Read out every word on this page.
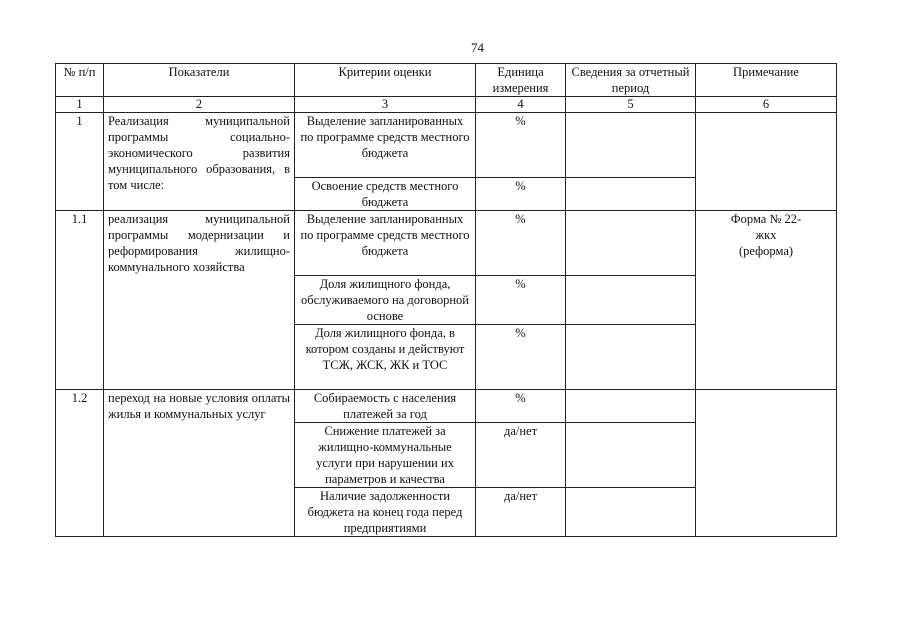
74
№ п/п	Показатели	Критерии оценки	Единица измерения	Сведения за отчетный период	Примечание
1	2	3	4	5	6
1	Реализация муниципальной программы социально-экономического развития муниципального образования, в том числе:	Выделение запланированных по программе средств местного бюджета	%		
		Освоение средств местного бюджета	%		
1.1	реализация муниципальной программы модернизации и реформирования жилищно-коммунального хозяйства	Выделение запланированных по программе средств местного бюджета	%		Форма № 22-жкх (реформа)
		Доля жилищного фонда, обслуживаемого на договорной основе	%		
		Доля жилищного фонда, в котором созданы и действуют ТСЖ, ЖСК, ЖК и ТОС	%		
1.2	переход на новые условия оплаты жилья и коммунальных услуг	Собираемость с населения платежей за год	%		
		Снижение платежей за жилищно-коммунальные услуги при нарушении их параметров и качества	да/нет		
		Наличие задолженности бюджета на конец года перед предприятиями	да/нет		
